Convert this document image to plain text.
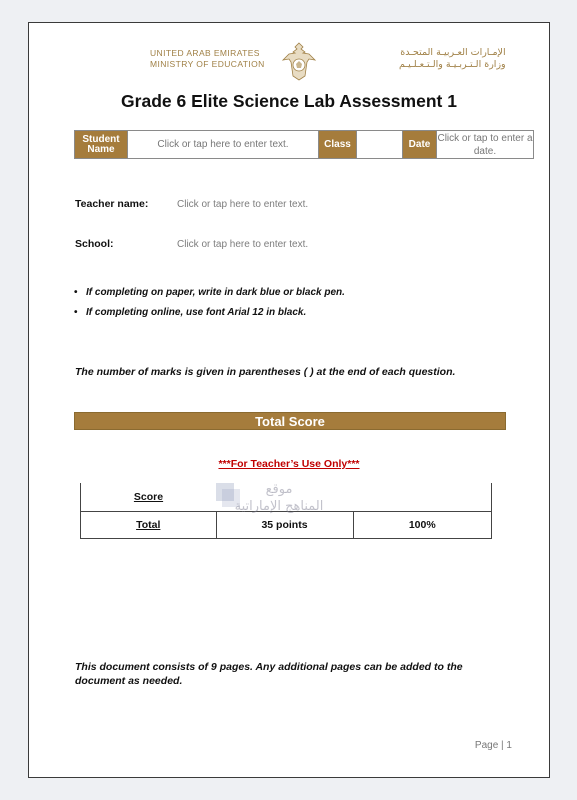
UNITED ARAB EMIRATES
MINISTRY OF EDUCATION
الإمـارات العـربيـة المتحـدة
وزارة الـتـربـيـة والـتـعـلـيـم
Grade 6 Elite Science Lab Assessment 1
Student Name	Click or tap here to enter text.	Class		Date	Click or tap to enter a date.
Teacher name:	Click or tap here to enter text.
School:	Click or tap here to enter text.
• If completing on paper, write in dark blue or black pen.
• If completing online, use font Arial 12 in black.
The number of marks is given in parentheses ( ) at the end of each question.
Total Score
***For Teacher’s Use Only***
Score		
Total	35 points	100%
موقع
المناهج الإماراتية
This document consists of 9 pages. Any additional pages can be added to the document as needed.
Page | 1
